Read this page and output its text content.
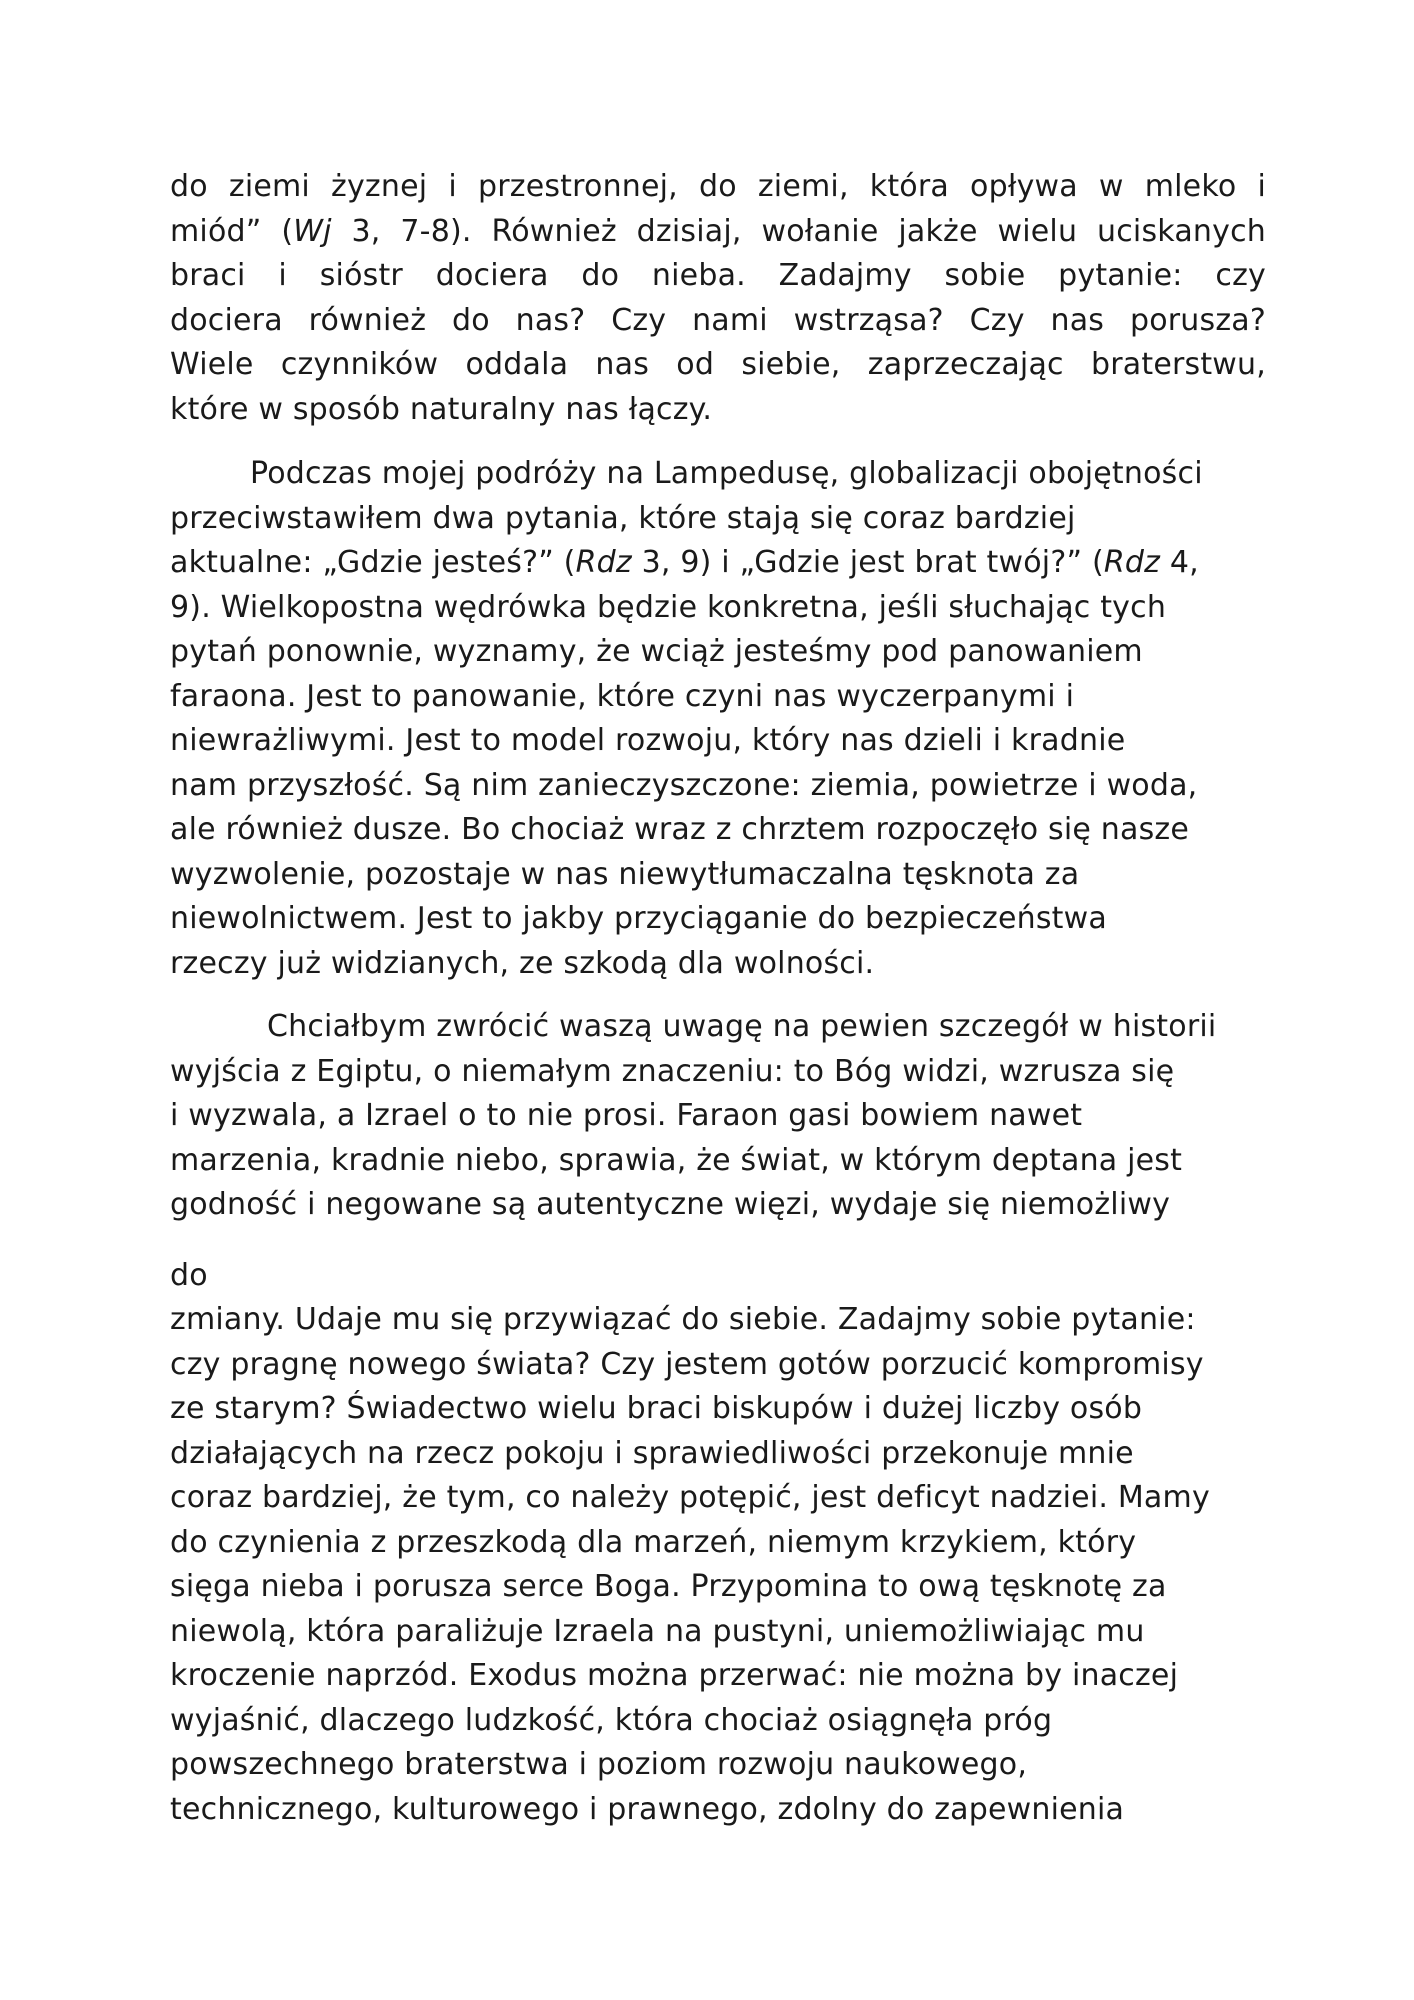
do ziemi żyznej i przestronnej, do ziemi, która opływa w mleko i
miód” (Wj 3, 7-8). Również dzisiaj, wołanie jakże wielu uciskanych
braci i sióstr dociera do nieba. Zadajmy sobie pytanie: czy
dociera również do nas? Czy nami wstrząsa? Czy nas porusza?
Wiele czynników oddala nas od siebie, zaprzeczając braterstwu,
które w sposób naturalny nas łączy.
Podczas mojej podróży na Lampedusę, globalizacji obojętności
przeciwstawiłem dwa pytania, które stają się coraz bardziej
aktualne: „Gdzie jesteś?” (Rdz 3, 9) i „Gdzie jest brat twój?” (Rdz 4,
9). Wielkopostna wędrówka będzie konkretna, jeśli słuchając tych
pytań ponownie, wyznamy, że wciąż jesteśmy pod panowaniem
faraona. Jest to panowanie, które czyni nas wyczerpanymi i
niewrażliwymi. Jest to model rozwoju, który nas dzieli i kradnie
nam przyszłość. Są nim zanieczyszczone: ziemia, powietrze i woda,
ale również dusze. Bo chociaż wraz z chrztem rozpoczęło się nasze
wyzwolenie, pozostaje w nas niewytłumaczalna tęsknota za
niewolnictwem. Jest to jakby przyciąganie do bezpieczeństwa
rzeczy już widzianych, ze szkodą dla wolności.
Chciałbym zwrócić waszą uwagę na pewien szczegół w historii
wyjścia z Egiptu, o niemałym znaczeniu: to Bóg widzi, wzrusza się
i wyzwala, a Izrael o to nie prosi. Faraon gasi bowiem nawet
marzenia, kradnie niebo, sprawia, że świat, w którym deptana jest
godność i negowane są autentyczne więzi, wydaje się niemożliwy
do
zmiany. Udaje mu się przywiązać do siebie. Zadajmy sobie pytanie:
czy pragnę nowego świata? Czy jestem gotów porzucić kompromisy
ze starym? Świadectwo wielu braci biskupów i dużej liczby osób
działających na rzecz pokoju i sprawiedliwości przekonuje mnie
coraz bardziej, że tym, co należy potępić, jest deficyt nadziei. Mamy
do czynienia z przeszkodą dla marzeń, niemym krzykiem, który
sięga nieba i porusza serce Boga. Przypomina to ową tęsknotę za
niewolą, która paraliżuje Izraela na pustyni, uniemożliwiając mu
kroczenie naprzód. Exodus można przerwać: nie można by inaczej
wyjaśnić, dlaczego ludzkość, która chociaż osiągnęła próg
powszechnego braterstwa i poziom rozwoju naukowego,
technicznego, kulturowego i prawnego, zdolny do zapewnienia
